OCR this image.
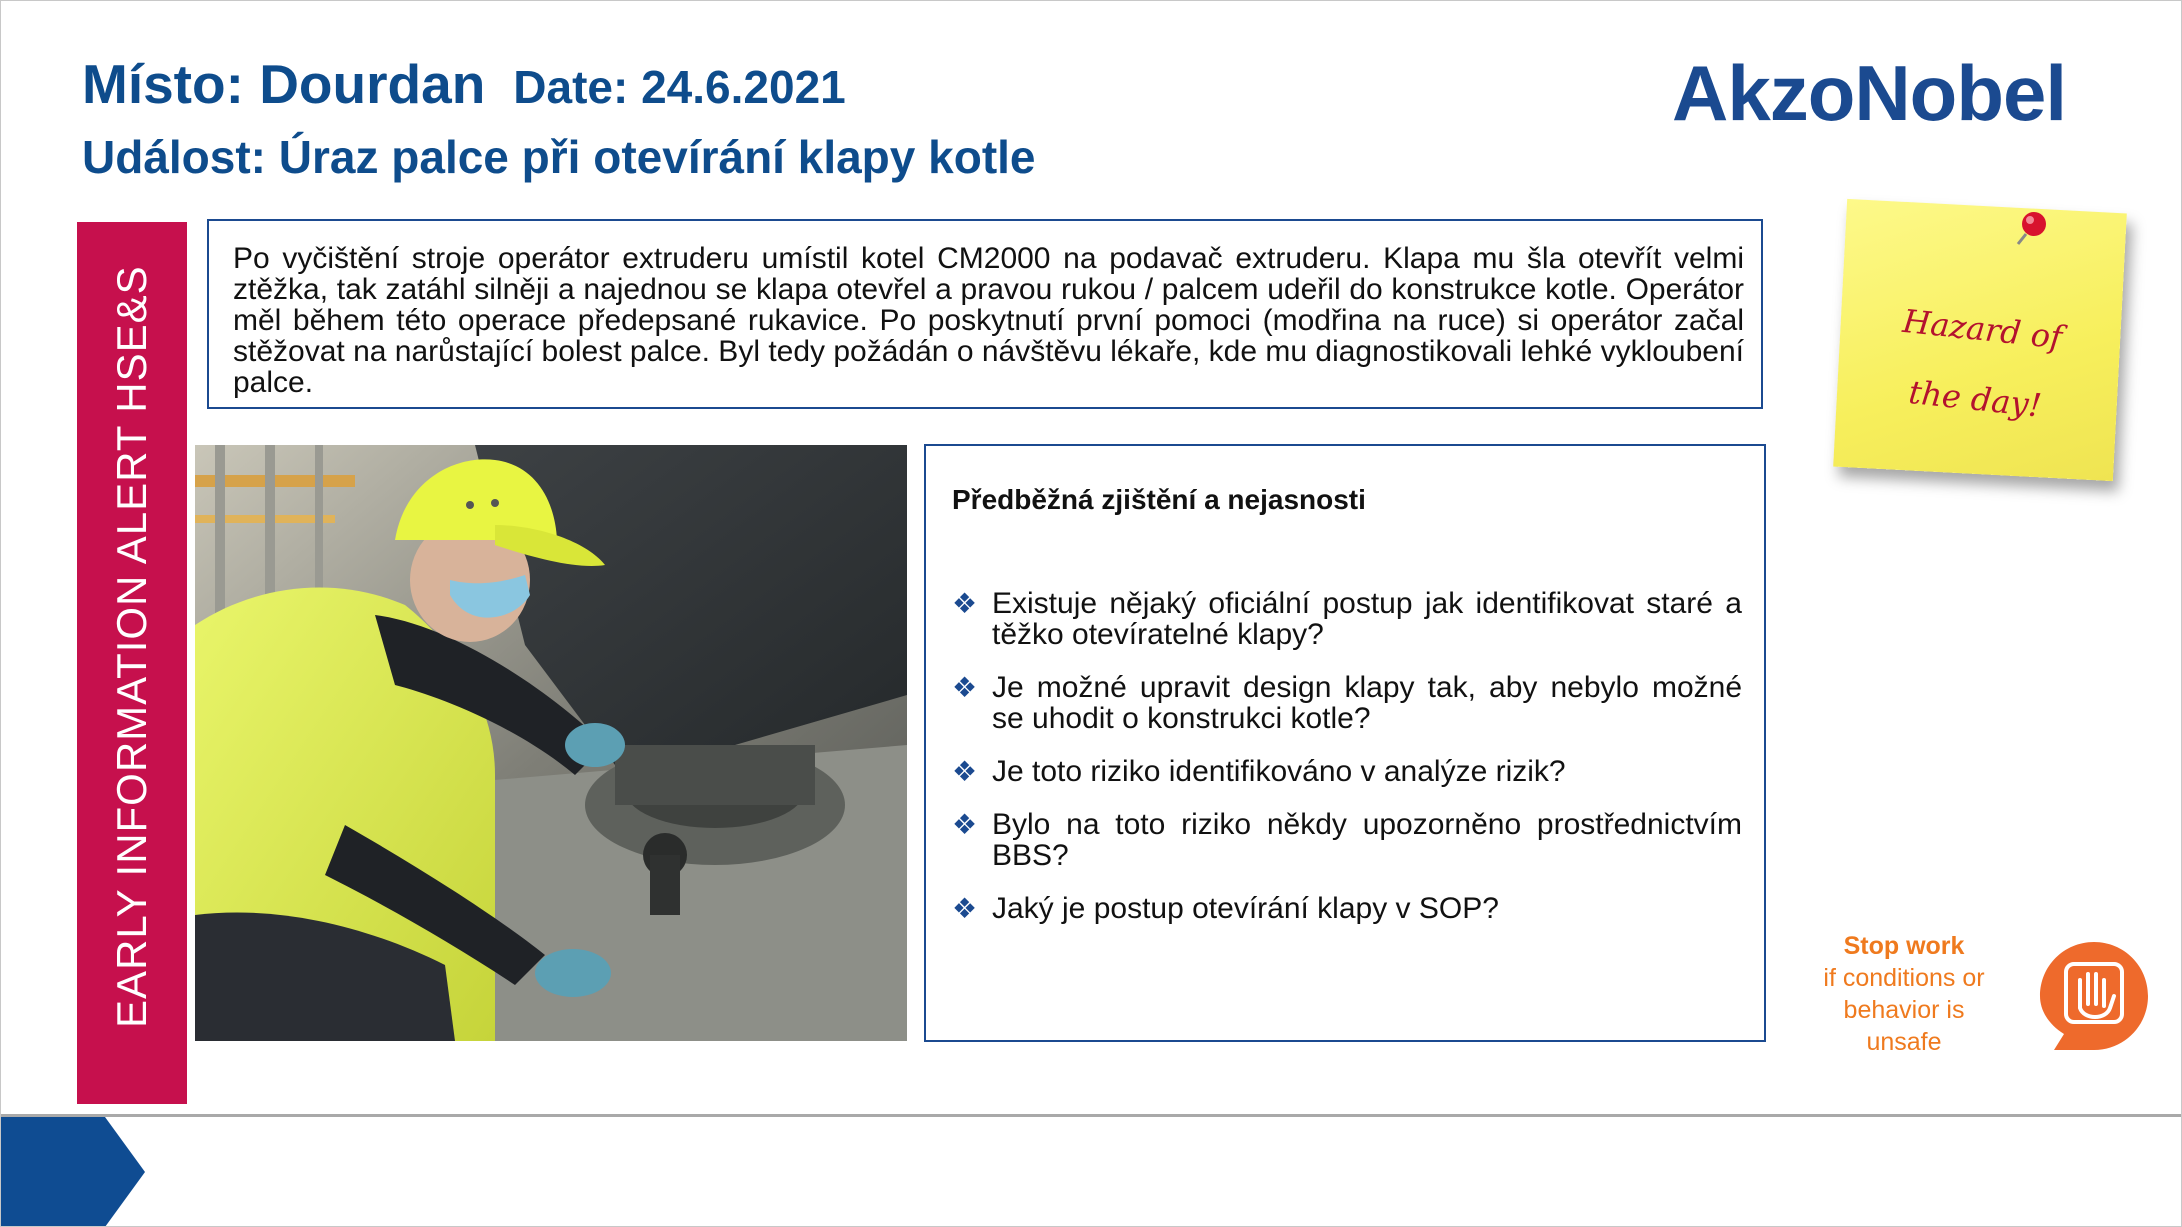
Místo: Dourdan Date: 24.6.2021
Událost: Úraz palce při otevírání klapy kotle
AkzoNobel
EARLY INFORMATION ALERT HSE&S
Po vyčištění stroje operátor extruderu umístil kotel CM2000 na podavač extruderu. Klapa mu šla otevřít velmi ztěžka, tak zatáhl silněji a najednou se klapa otevřel a pravou rukou / palcem udeřil do konstrukce kotle. Operátor měl během této operace předepsané rukavice. Po poskytnutí první pomoci (modřina na ruce) si operátor začal stěžovat na narůstající bolest palce. Byl tedy požádán o návštěvu lékaře, kde mu diagnostikovali lehké vykloubení palce.
Předběžná zjištění a nejasnosti
❖ Existuje nějaký oficiální postup jak identifikovat staré a těžko otevíratelné klapy?
❖ Je možné upravit design klapy tak, aby nebylo možné se uhodit o konstrukci kotle?
❖ Je toto riziko identifikováno v analýze rizik?
❖ Bylo na toto riziko někdy upozorněno prostřednictvím BBS?
❖ Jaký je postup otevírání klapy v SOP?
Hazard of
the day!
Stop work
if conditions or
behavior is
unsafe
